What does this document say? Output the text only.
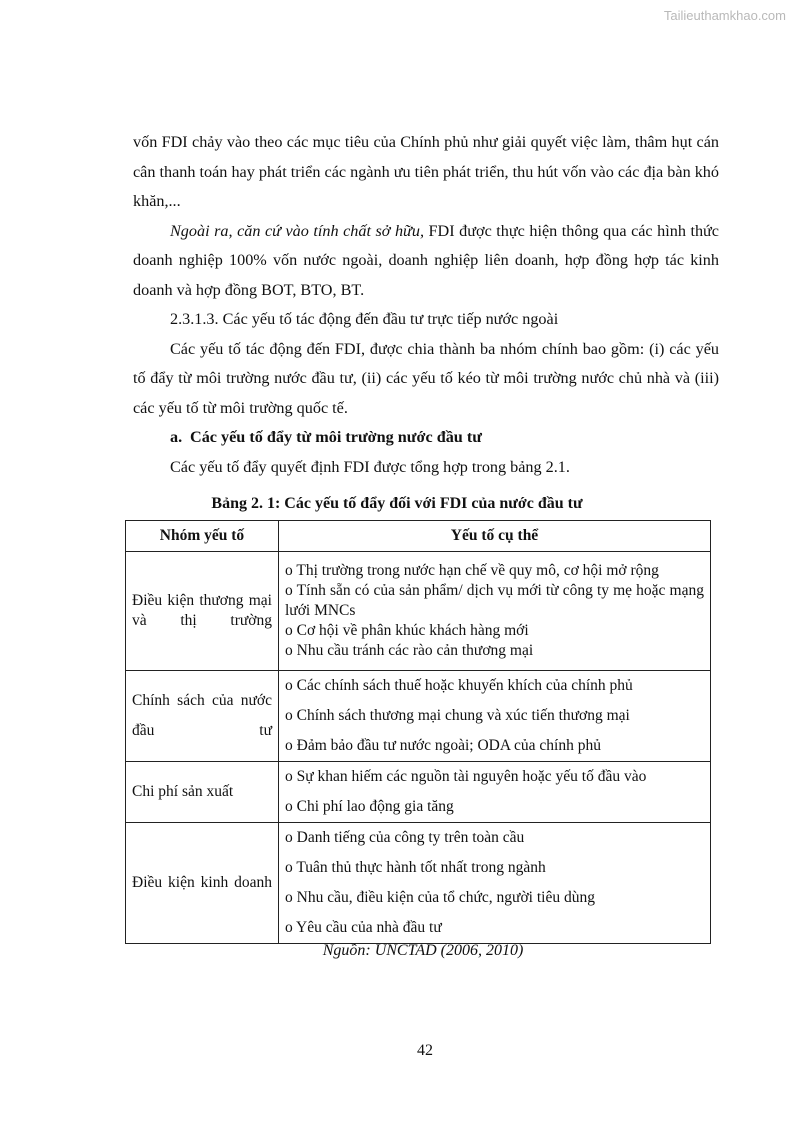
Tailieuthamkhao.com

vốn FDI chảy vào theo các mục tiêu của Chính phủ như giải quyết việc làm, thâm hụt cán cân thanh toán hay phát triển các ngành ưu tiên phát triển, thu hút vốn vào các địa bàn khó khăn,...

Ngoài ra, căn cứ vào tính chất sở hữu, FDI được thực hiện thông qua các hình thức doanh nghiệp 100% vốn nước ngoài, doanh nghiệp liên doanh, hợp đồng hợp tác kinh doanh và hợp đồng BOT, BTO, BT.

2.3.1.3. Các yếu tố tác động đến đầu tư trực tiếp nước ngoài

Các yếu tố tác động đến FDI, được chia thành ba nhóm chính bao gồm: (i) các yếu tố đẩy từ môi trường nước đầu tư, (ii) các yếu tố kéo từ môi trường nước chủ nhà và (iii) các yếu tố từ môi trường quốc tế.

a. Các yếu tố đẩy từ môi trường nước đầu tư

Các yếu tố đẩy quyết định FDI được tổng hợp trong bảng 2.1.

Bảng 2. 1: Các yếu tố đẩy đối với FDI của nước đầu tư
Nhóm yếu tố	Yếu tố cụ thể
Điều kiện thương mại và thị trường	o Thị trường trong nước hạn chế về quy mô, cơ hội mở rộng
o Tính sẵn có của sản phẩm/ dịch vụ mới từ công ty mẹ hoặc mạng lưới MNCs
o Cơ hội về phân khúc khách hàng mới
o Nhu cầu tránh các rào cản thương mại

Chính sách của nước đầu tư	o Các chính sách thuế hoặc khuyến khích của chính phủ
o Chính sách thương mại chung và xúc tiến thương mại
o Đảm bảo đầu tư nước ngoài; ODA của chính phủ

Chi phí sản xuất	o Sự khan hiếm các nguồn tài nguyên hoặc yếu tố đầu vào
o Chi phí lao động gia tăng

Điều kiện kinh doanh	o Danh tiếng của công ty trên toàn cầu
o Tuân thủ thực hành tốt nhất trong ngành
o Nhu cầu, điều kiện của tổ chức, người tiêu dùng
o Yêu cầu của nhà đầu tư
Nguồn: UNCTAD (2006, 2010)
42
